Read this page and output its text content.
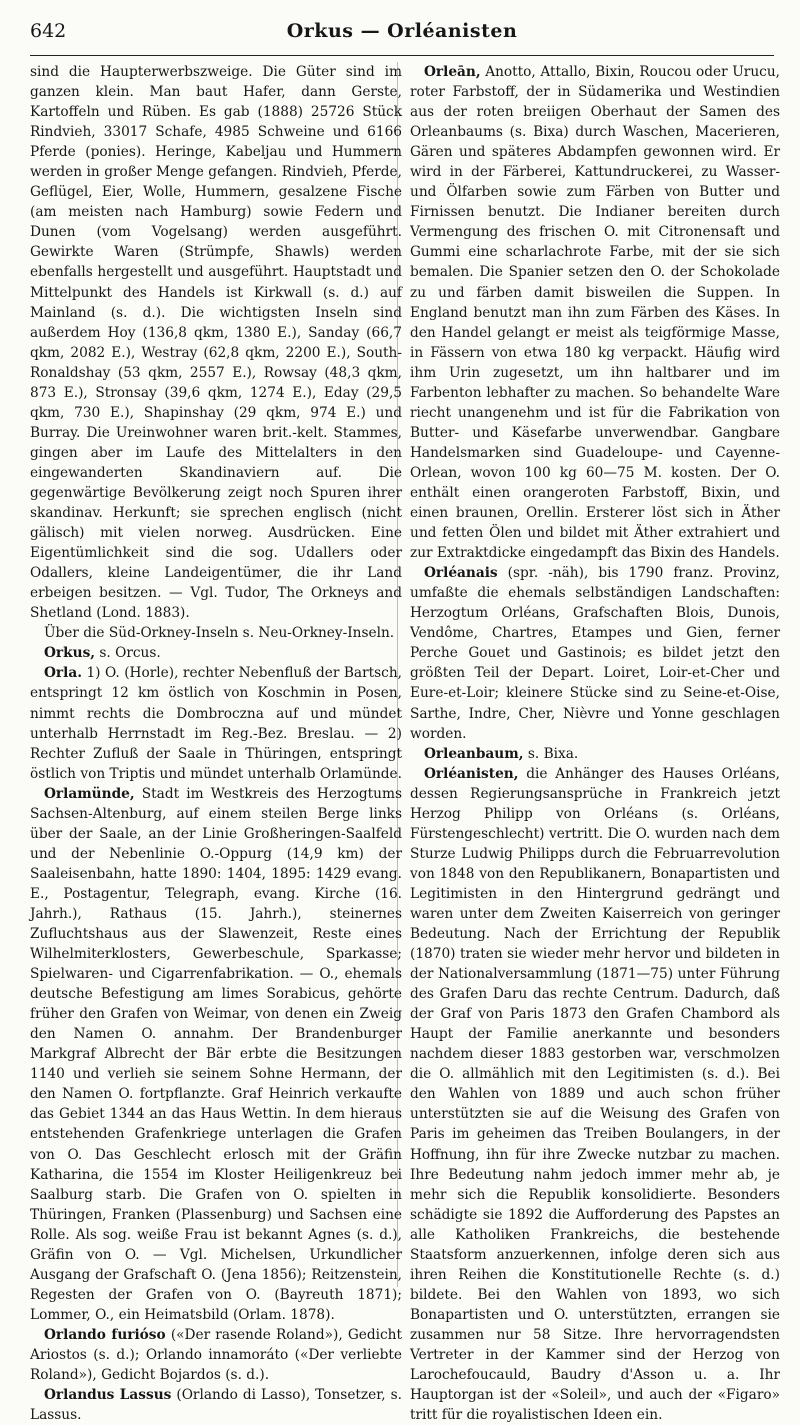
642	Orkus — Orléanisten

sind die Haupterwerbszweige. Die Güter sind im ganzen klein. Man baut Hafer, dann Gerste, Kartoffeln und Rüben. Es gab (1888) 25726 Stück Rindvieh, 33017 Schafe, 4985 Schweine und 6166 Pferde (ponies). Heringe, Kabeljau und Hummern werden in großer Menge gefangen. Rindvieh, Pferde, Geflügel, Eier, Wolle, Hummern, gesalzene Fische (am meisten nach Hamburg) sowie Federn und Dunen (vom Vogelsang) werden ausgeführt. Gewirkte Waren (Strümpfe, Shawls) werden ebenfalls hergestellt und ausgeführt. Hauptstadt und Mittelpunkt des Handels ist Kirkwall (s. d.) auf Mainland (s. d.). Die wichtigsten Inseln sind außerdem Hoy (136,8 qkm, 1380 E.), Sanday (66,7 qkm, 2082 E.), Westray (62,8 qkm, 2200 E.), South-Ronaldshay (53 qkm, 2557 E.), Rowsay (48,3 qkm, 873 E.), Stronsay (39,6 qkm, 1274 E.), Eday (29,5 qkm, 730 E.), Shapinshay (29 qkm, 974 E.) und Burray. Die Ureinwohner waren brit.-kelt. Stammes, gingen aber im Laufe des Mittelalters in den eingewanderten Skandinaviern auf. Die gegenwärtige Bevölkerung zeigt noch Spuren ihrer skandinav. Herkunft; sie sprechen englisch (nicht gälisch) mit vielen norweg. Ausdrücken. Eine Eigentümlichkeit sind die sog. Udallers oder Odallers, kleine Landeigentümer, die ihr Land erbeigen besitzen. — Vgl. Tudor, The Orkneys and Shetland (Lond. 1883).

Über die Süd-Orkney-Inseln s. Neu-Orkney-Inseln.

Orkus, s. Orcus.

Orla. 1) O. (Horle), rechter Nebenfluß der Bartsch, entspringt 12 km östlich von Koschmin in Posen, nimmt rechts die Dombroczna auf und mündet unterhalb Herrnstadt im Reg.-Bez. Breslau. — 2) Rechter Zufluß der Saale in Thüringen, entspringt östlich von Triptis und mündet unterhalb Orlamünde.

Orlamünde, Stadt im Westkreis des Herzogtums Sachsen-Altenburg, auf einem steilen Berge links über der Saale, an der Linie Großheringen-Saalfeld und der Nebenlinie O.-Oppurg (14,9 km) der Saaleisenbahn, hatte 1890: 1404, 1895: 1429 evang. E., Postagentur, Telegraph, evang. Kirche (16. Jahrh.), Rathaus (15. Jahrh.), steinernes Zufluchtshaus aus der Slawenzeit, Reste eines Wilhelmiterklosters, Gewerbeschule, Sparkasse; Spielwaren- und Cigarrenfabrikation. — O., ehemals deutsche Befestigung am limes Sorabicus, gehörte früher den Grafen von Weimar, von denen ein Zweig den Namen O. annahm. Der Brandenburger Markgraf Albrecht der Bär erbte die Besitzungen 1140 und verlieh sie seinem Sohne Hermann, der den Namen O. fortpflanzte. Graf Heinrich verkaufte das Gebiet 1344 an das Haus Wettin. In dem hieraus entstehenden Grafenkriege unterlagen die Grafen von O. Das Geschlecht erlosch mit der Gräfin Katharina, die 1554 im Kloster Heiligenkreuz bei Saalburg starb. Die Grafen von O. spielten in Thüringen, Franken (Plassenburg) und Sachsen eine Rolle. Als sog. weiße Frau ist bekannt Agnes (s. d.), Gräfin von O. — Vgl. Michelsen, Urkundlicher Ausgang der Grafschaft O. (Jena 1856); Reitzenstein, Regesten der Grafen von O. (Bayreuth 1871); Lommer, O., ein Heimatsbild (Orlam. 1878).

Orlando furióso («Der rasende Roland»), Gedicht Ariostos (s. d.); Orlando innamoráto («Der verliebte Roland»), Gedicht Bojardos (s. d.).

Orlandus Lassus (Orlando di Lasso), Tonsetzer, s. Lassus.

Orleān, Anotto, Attallo, Bixin, Roucou oder Urucu, roter Farbstoff, der in Südamerika und Westindien aus der roten breiigen Oberhaut der Samen des Orleanbaums (s. Bixa) durch Waschen, Macerieren, Gären und späteres Abdampfen gewonnen wird. Er wird in der Färberei, Kattundruckerei, zu Wasser- und Ölfarben sowie zum Färben von Butter und Firnissen benutzt. Die Indianer bereiten durch Vermengung des frischen O. mit Citronensaft und Gummi eine scharlachrote Farbe, mit der sie sich bemalen. Die Spanier setzen den O. der Schokolade zu und färben damit bisweilen die Suppen. In England benutzt man ihn zum Färben des Käses. In den Handel gelangt er meist als teigförmige Masse, in Fässern von etwa 180 kg verpackt. Häufig wird ihm Urin zugesetzt, um ihn haltbarer und im Farbenton lebhafter zu machen. So behandelte Ware riecht unangenehm und ist für die Fabrikation von Butter- und Käsefarbe unverwendbar. Gangbare Handelsmarken sind Guadeloupe- und Cayenne-Orlean, wovon 100 kg 60—75 M. kosten. Der O. enthält einen orangeroten Farbstoff, Bixin, und einen braunen, Orellin. Ersterer löst sich in Äther und fetten Ölen und bildet mit Äther extrahiert und zur Extraktdicke eingedampft das Bixin des Handels.

Orléanais (spr. -näh), bis 1790 franz. Provinz, umfaßte die ehemals selbständigen Landschaften: Herzogtum Orléans, Grafschaften Blois, Dunois, Vendôme, Chartres, Etampes und Gien, ferner Perche Gouet und Gastinois; es bildet jetzt den größten Teil der Depart. Loiret, Loir-et-Cher und Eure-et-Loir; kleinere Stücke sind zu Seine-et-Oise, Sarthe, Indre, Cher, Nièvre und Yonne geschlagen worden.

Orleanbaum, s. Bixa.

Orléanisten, die Anhänger des Hauses Orléans, dessen Regierungsansprüche in Frankreich jetzt Herzog Philipp von Orléans (s. Orléans, Fürstengeschlecht) vertritt. Die O. wurden nach dem Sturze Ludwig Philipps durch die Februarrevolution von 1848 von den Republikanern, Bonapartisten und Legitimisten in den Hintergrund gedrängt und waren unter dem Zweiten Kaiserreich von geringer Bedeutung. Nach der Errichtung der Republik (1870) traten sie wieder mehr hervor und bildeten in der Nationalversammlung (1871—75) unter Führung des Grafen Daru das rechte Centrum. Dadurch, daß der Graf von Paris 1873 den Grafen Chambord als Haupt der Familie anerkannte und besonders nachdem dieser 1883 gestorben war, verschmolzen die O. allmählich mit den Legitimisten (s. d.). Bei den Wahlen von 1889 und auch schon früher unterstützten sie auf die Weisung des Grafen von Paris im geheimen das Treiben Boulangers, in der Hoffnung, ihn für ihre Zwecke nutzbar zu machen. Ihre Bedeutung nahm jedoch immer mehr ab, je mehr sich die Republik konsolidierte. Besonders schädigte sie 1892 die Aufforderung des Papstes an alle Katholiken Frankreichs, die bestehende Staatsform anzuerkennen, infolge deren sich aus ihren Reihen die Konstitutionelle Rechte (s. d.) bildete. Bei den Wahlen von 1893, wo sich Bonapartisten und O. unterstützten, errangen sie zusammen nur 58 Sitze. Ihre hervorragendsten Vertreter in der Kammer sind der Herzog von Larochefoucauld, Baudry d'Asson u. a. Ihr Hauptorgan ist der «Soleil», und auch der «Figaro» tritt für die royalistischen Ideen ein.
